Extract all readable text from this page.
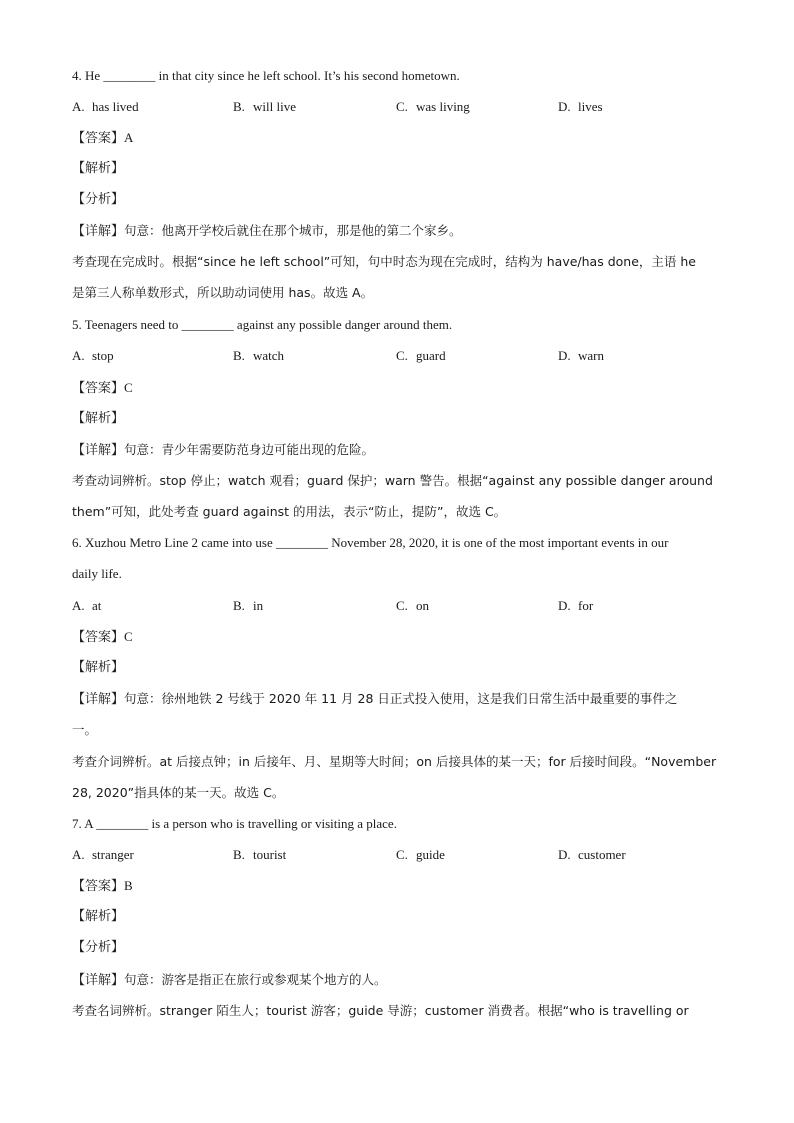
4. He ________ in that city since he left school. It’s his second hometown.
A. has lived	B. will live	C. was living	D. lives
【答案】A
【解析】
【分析】
【详解】句意：他离开学校后就住在那个城市，那是他的第二个家乡。
考查现在完成时。根据“since he left school”可知，句中时态为现在完成时，结构为 have/has done，主语 he
是第三人称单数形式，所以助动词使用 has。故选 A。
5. Teenagers need to ________ against any possible danger around them.
A. stop	B. watch	C. guard	D. warn
【答案】C
【解析】
【详解】句意：青少年需要防范身边可能出现的危险。
考查动词辨析。stop 停止；watch 观看；guard 保护；warn 警告。根据“against any possible danger around
them”可知，此处考查 guard against 的用法，表示“防止，提防”，故选 C。
6. Xuzhou Metro Line 2 came into use ________ November 28, 2020, it is one of the most important events in our
daily life.
A. at	B. in	C. on	D. for
【答案】C
【解析】
【详解】句意：徐州地铁 2 号线于 2020 年 11 月 28 日正式投入使用，这是我们日常生活中最重要的事件之
一。
考查介词辨析。at 后接点钟；in 后接年、月、星期等大时间；on 后接具体的某一天；for 后接时间段。“November
28, 2020”指具体的某一天。故选 C。
7. A ________ is a person who is travelling or visiting a place.
A. stranger	B. tourist	C. guide	D. customer
【答案】B
【解析】
【分析】
【详解】句意：游客是指正在旅行或参观某个地方的人。
考查名词辨析。stranger 陌生人；tourist 游客；guide 导游；customer 消费者。根据“who is travelling or
